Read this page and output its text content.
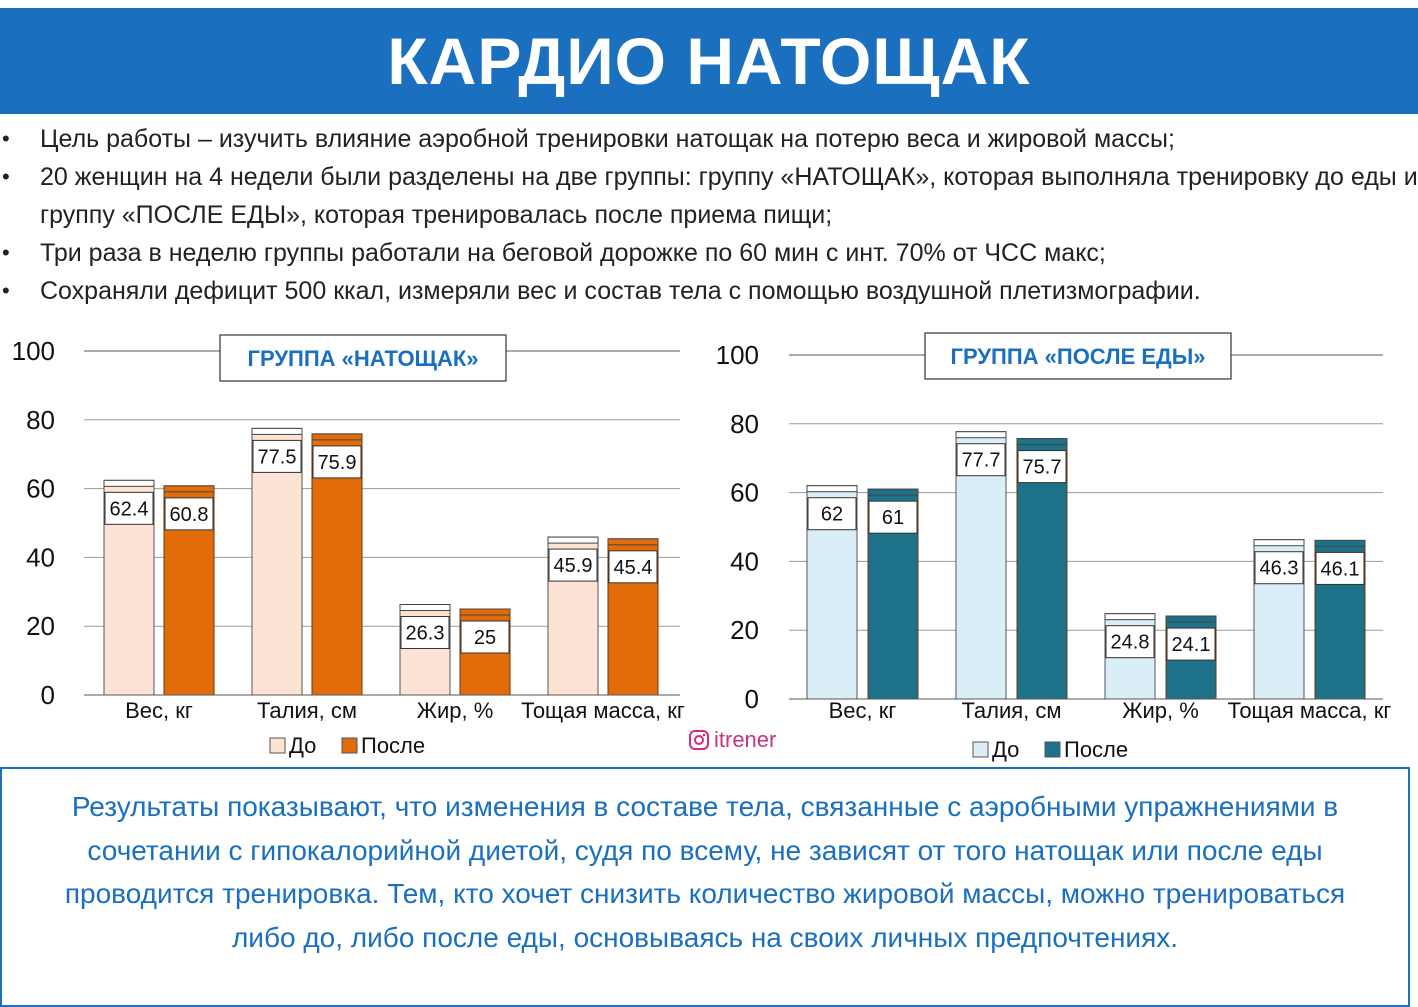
КАРДИО НАТОЩАК
• Цель работы – изучить влияние аэробной тренировки натощак на потерю веса и жировой массы;
• 20 женщин на 4 недели были разделены на две группы: группу «НАТОЩАК», которая выполняла тренировку до еды и группу «ПОСЛЕ ЕДЫ», которая тренировалась после приема пищи;
• Три раза в неделю группы работали на беговой дорожке по 60 мин с инт. 70% от ЧСС макс;
• Сохраняли дефицит 500 ккал, измеряли вес и состав тела с помощью воздушной плетизмографии.
0
20
40
60
80
100	ГРУППА «НАТОЩАК»
62.4 60.8
Вес, кг
77.5 75.9
Талия, см
26.3 25
Жир, %
45.9 45.4
Тощая масса, кг
До После
0
20
40
60
80
100	ГРУППА «ПОСЛЕ ЕДЫ»
62 61
Вес, кг
77.7 75.7
Талия, см
24.8 24.1
Жир, %
46.3 46.1
Тощая масса, кг
До После
itrener
Результаты показывают, что изменения в составе тела, связанные с аэробными упражнениями в сочетании с гипокалорийной диетой, судя по всему, не зависят от того натощак или после еды проводится тренировка. Тем, кто хочет снизить количество жировой массы, можно тренироваться либо до, либо после еды, основываясь на своих личных предпочтениях.
